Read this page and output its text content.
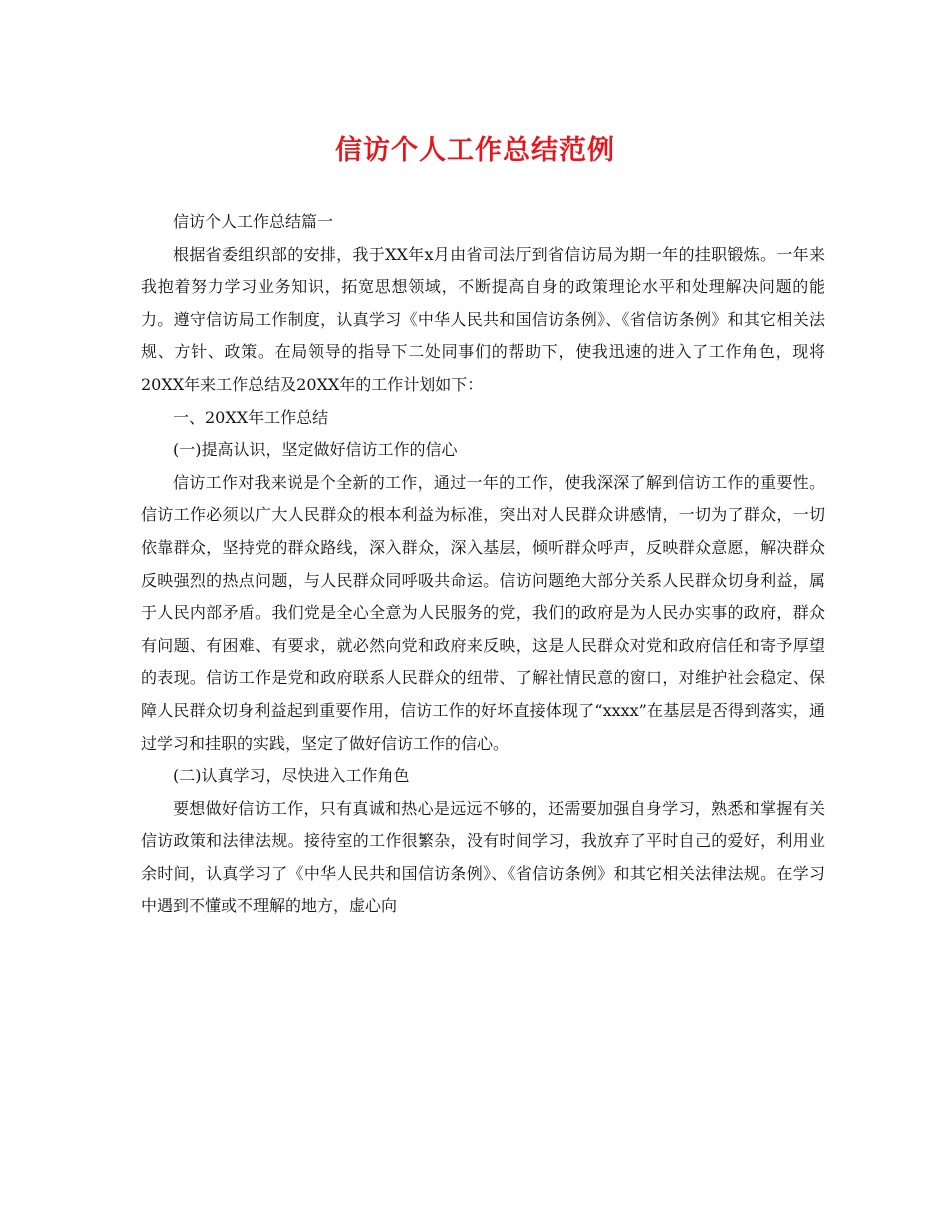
信访个人工作总结范例

信访个人工作总结篇一

根据省委组织部的安排，我于XX年x月由省司法厅到省信访局为期一年的挂职锻炼。一年来我抱着努力学习业务知识，拓宽思想领域，不断提高自身的政策理论水平和处理解决问题的能力。遵守信访局工作制度，认真学习《中华人民共和国信访条例》、《省信访条例》和其它相关法规、方针、政策。在局领导的指导下二处同事们的帮助下，使我迅速的进入了工作角色，现将20XX年来工作总结及20XX年的工作计划如下：

一、20XX年工作总结

(一)提高认识，坚定做好信访工作的信心

信访工作对我来说是个全新的工作，通过一年的工作，使我深深了解到信访工作的重要性。信访工作必须以广大人民群众的根本利益为标准，突出对人民群众讲感情，一切为了群众，一切依靠群众，坚持党的群众路线，深入群众，深入基层，倾听群众呼声，反映群众意愿，解决群众反映强烈的热点问题，与人民群众同呼吸共命运。信访问题绝大部分关系人民群众切身利益，属于人民内部矛盾。我们党是全心全意为人民服务的党，我们的政府是为人民办实事的政府，群众有问题、有困难、有要求，就必然向党和政府来反映，这是人民群众对党和政府信任和寄予厚望的表现。信访工作是党和政府联系人民群众的纽带、了解社情民意的窗口，对维护社会稳定、保障人民群众切身利益起到重要作用，信访工作的好坏直接体现了“xxxx”在基层是否得到落实，通过学习和挂职的实践，坚定了做好信访工作的信心。

(二)认真学习，尽快进入工作角色

要想做好信访工作，只有真诚和热心是远远不够的，还需要加强自身学习，熟悉和掌握有关信访政策和法律法规。接待室的工作很繁杂，没有时间学习，我放弃了平时自己的爱好，利用业余时间，认真学习了《中华人民共和国信访条例》、《省信访条例》和其它相关法律法规。在学习中遇到不懂或不理解的地方，虚心向
